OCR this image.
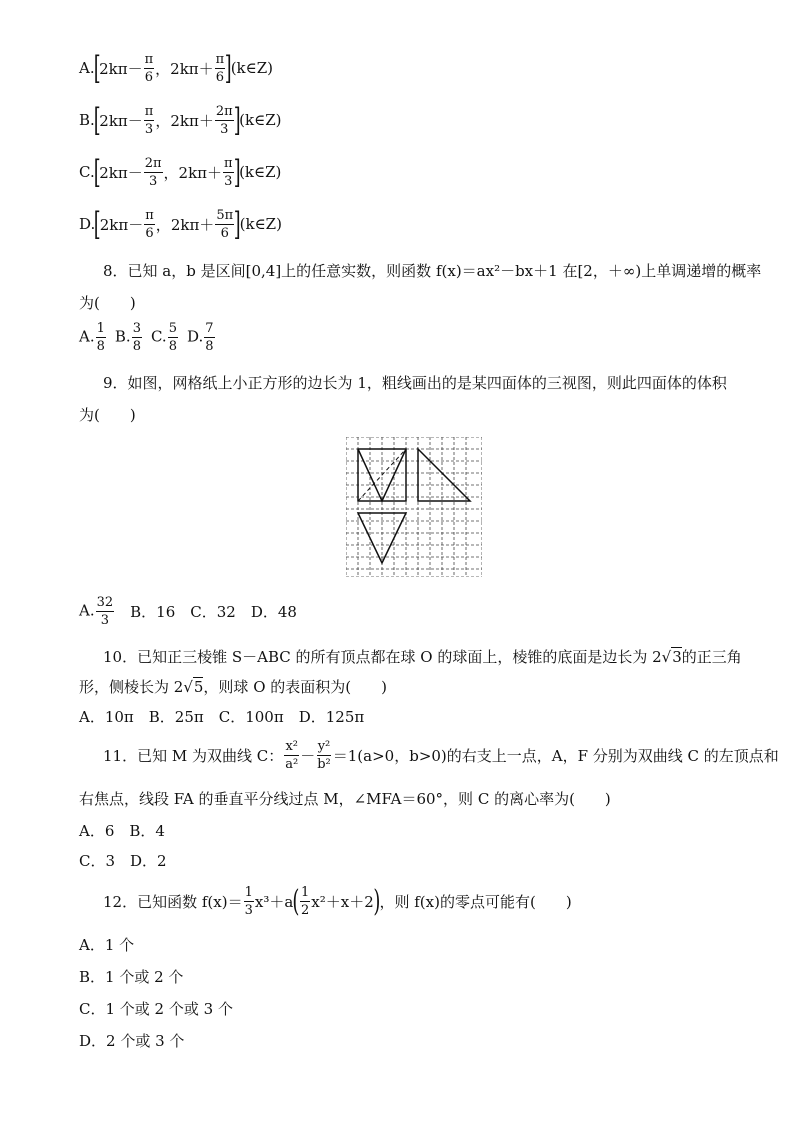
A.
[
$2k\pi- \frac{\pi}{6}$ ， $2k\pi+ \frac{\pi}{6}$ ]
(k∈Z)
B.
[
$2k\pi- \frac{\pi}{3}$ ， $2k\pi+ \frac{2\pi}{3}$ ]
(k∈Z)
C.
[
$2k\pi- \frac{2\pi}{3}$ ， $2k\pi+ \frac{\pi}{3}$ ]
(k∈Z)
D.
[
$2k\pi- \frac{\pi}{6}$ ， $2k\pi+ \frac{5\pi}{6}$ ]
(k∈Z)
8．已知 a，b 是区间[0,4]上的任意实数，则函数 f(x)＝ax²－bx＋1 在[2，＋∞)上单调递增的概率
为(　　)
A. $\frac{1}{8} B$. $\frac{3}{8} C$. $\frac{5}{8} D$. $\frac{7}{8}$
9．如图，网格纸上小正方形的边长为 1，粗线画出的是某四面体的三视图，则此四面体的体积
为(　　)
A. $\frac{32}{3}$ 　B．16　C．32　D．48
10．已知正三棱锥 S－ABC 的所有顶点都在球 O 的球面上，棱锥的底面是边长为 2 √ 3 的正三角
形，侧棱长为 2 √ 5 ，则球 O 的表面积为(　　)
A．10π　B．25π　C．100π　D．125π
11．已知 M 为双曲线 C： $\frac{\text{x²}}{\text{a²}} - \frac{\text{y²}}{\text{b²}} =1(a>0$，b>0)的右支上一点，A，F 分别为双曲线 C 的左顶点和
右焦点，线段 FA 的垂直平分线过点 M，∠MFA＝60°，则 C 的离心率为(　　)
A．6　B．4
C．3　D．2
12．已知函数 $f(x)= \frac{1}{3} x^3+a$ ( $\frac{1}{2} x^2+x+2$ ) ，则 f(x)的零点可能有(　　)
A．1 个
B．1 个或 2 个
C．1 个或 2 个或 3 个
D．2 个或 3 个
